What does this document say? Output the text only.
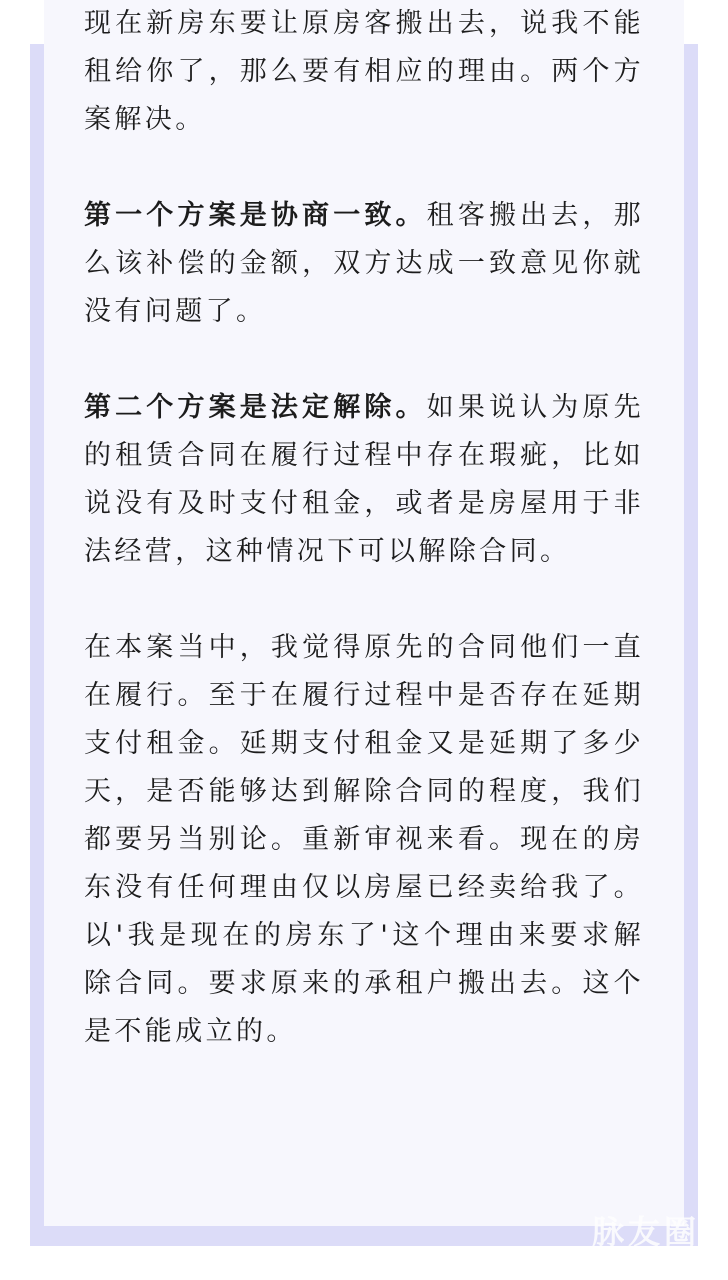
现在新房东要让原房客搬出去，说我不能租给你了，那么要有相应的理由。两个方案解决。

第一个方案是协商一致。租客搬出去，那么该补偿的金额，双方达成一致意见你就没有问题了。

第二个方案是法定解除。如果说认为原先的租赁合同在履行过程中存在瑕疵，比如说没有及时支付租金，或者是房屋用于非法经营，这种情况下可以解除合同。

在本案当中，我觉得原先的合同他们一直在履行。至于在履行过程中是否存在延期支付租金。延期支付租金又是延期了多少天，是否能够达到解除合同的程度，我们都要另当别论。重新审视来看。现在的房东没有任何理由仅以房屋已经卖给我了。以'我是现在的房东了'这个理由来要求解除合同。要求原来的承租户搬出去。这个是不能成立的。

脉友圈
